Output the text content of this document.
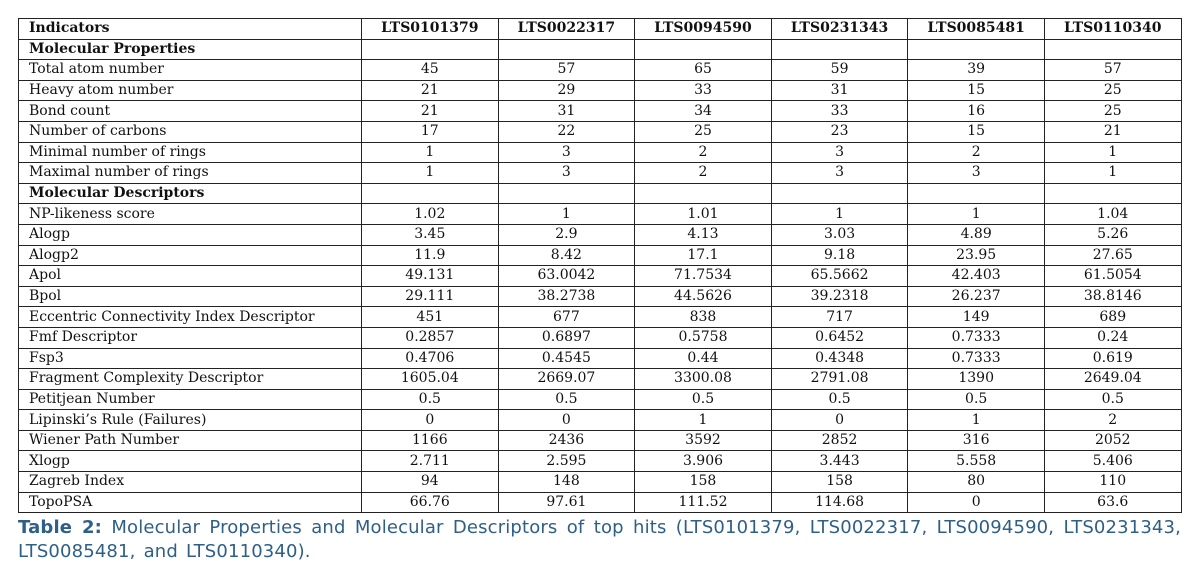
Indicators	LTS0101379	LTS0022317	LTS0094590	LTS0231343	LTS0085481	LTS0110340
Molecular Properties						
Total atom number	45	57	65	59	39	57
Heavy atom number	21	29	33	31	15	25
Bond count	21	31	34	33	16	25
Number of carbons	17	22	25	23	15	21
Minimal number of rings	1	3	2	3	2	1
Maximal number of rings	1	3	2	3	3	1
Molecular Descriptors						
NP-likeness score	1.02	1	1.01	1	1	1.04
Alogp	3.45	2.9	4.13	3.03	4.89	5.26
Alogp2	11.9	8.42	17.1	9.18	23.95	27.65
Apol	49.131	63.0042	71.7534	65.5662	42.403	61.5054
Bpol	29.111	38.2738	44.5626	39.2318	26.237	38.8146
Eccentric Connectivity Index Descriptor	451	677	838	717	149	689
Fmf Descriptor	0.2857	0.6897	0.5758	0.6452	0.7333	0.24
Fsp3	0.4706	0.4545	0.44	0.4348	0.7333	0.619
Fragment Complexity Descriptor	1605.04	2669.07	3300.08	2791.08	1390	2649.04
Petitjean Number	0.5	0.5	0.5	0.5	0.5	0.5
Lipinski’s Rule (Failures)	0	0	1	0	1	2
Wiener Path Number	1166	2436	3592	2852	316	2052
Xlogp	2.711	2.595	3.906	3.443	5.558	5.406
Zagreb Index	94	148	158	158	80	110
TopoPSA	66.76	97.61	111.52	114.68	0	63.6
Table 2: Molecular Properties and Molecular Descriptors of top hits (LTS0101379, LTS0022317, LTS0094590, LTS0231343, LTS0085481, and LTS0110340).
